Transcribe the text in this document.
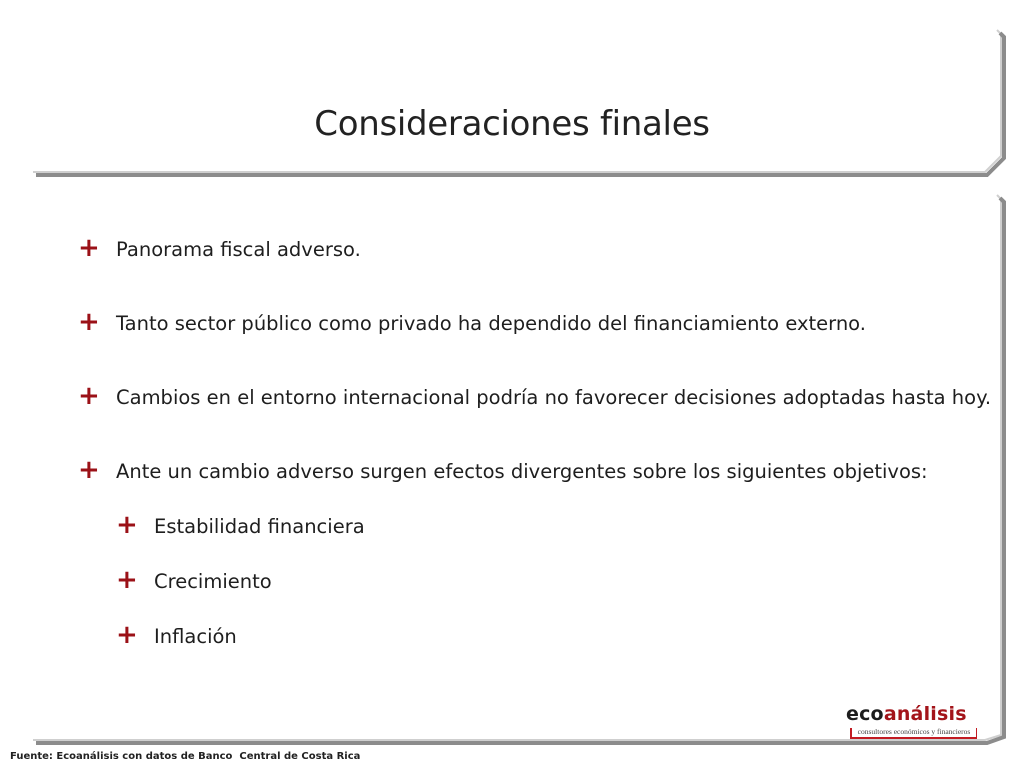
Consideraciones finales
+ Panorama fiscal adverso.
+ Tanto sector público como privado ha dependido del financiamiento externo.
+ Cambios en el entorno internacional podría no favorecer decisiones adoptadas hasta hoy.
+ Ante un cambio adverso surgen efectos divergentes sobre los siguientes objetivos:
+ Estabilidad financiera
+ Crecimiento
+ Inflación
ecoanálisis
consultores económicos y financieros
Fuente: Ecoanálisis con datos de Banco  Central de Costa Rica
